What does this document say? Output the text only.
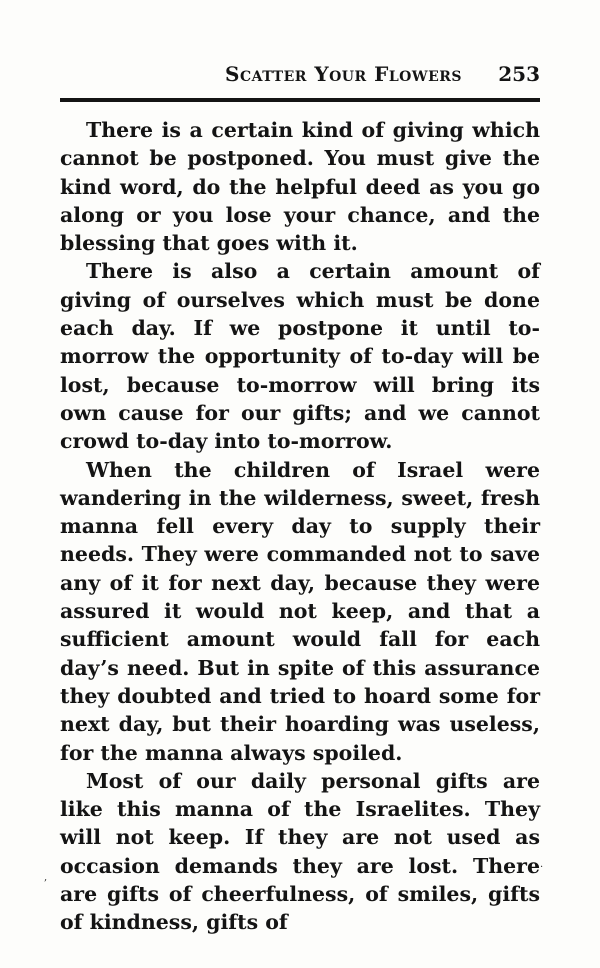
Scatter Your Flowers 253

There is a certain kind of giving which cannot be postponed. You must give the kind word, do the helpful deed as you go along or you lose your chance, and the blessing that goes with it.

There is also a certain amount of giving of ourselves which must be done each day. If we postpone it until to-morrow the opportunity of to-day will be lost, because to-morrow will bring its own cause for our gifts; and we cannot crowd to-day into to-morrow.

When the children of Israel were wandering in the wilderness, sweet, fresh manna fell every day to supply their needs. They were commanded not to save any of it for next day, because they were assured it would not keep, and that a sufficient amount would fall for each day’s need. But in spite of this assurance they doubted and tried to hoard some for next day, but their hoarding was useless, for the manna always spoiled.

Most of our daily personal gifts are like this manna of the Israelites. They will not keep. If they are not used as occasion demands they are lost. There are gifts of cheerfulness, of smiles, gifts of kindness, gifts of

,
·
